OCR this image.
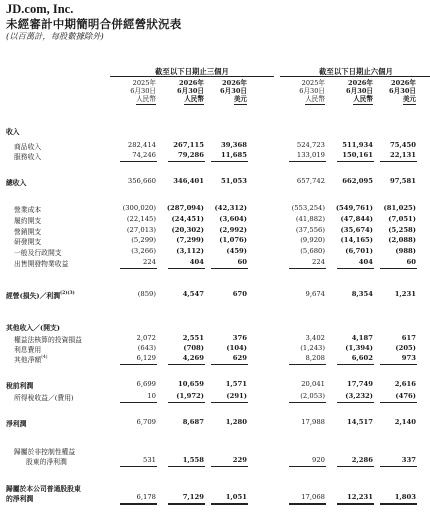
JD.com, Inc.
未經審計中期簡明合併經營狀況表
(以百萬計，每股數據除外)
截至以下日期止三個月	截至以下日期止六個月
2025年
6月30日
人民幣
2026年
6月30日
人民幣
2026年
6月30日
美元
2025年
6月30日
人民幣
2026年
6月30日
人民幣
2026年
6月30日
美元
收入
商品收入	282,414	267,115	39,368	524,723	511,934	75,450
服務收入	74,246	79,286	11,685	133,019	150,161	22,131
總收入	356,660	346,401	51,053	657,742	662,095	97,581
營業成本	(300,020)	(287,094)	(42,312)	(553,254)	(549,761)	(81,025)
履約開支	(22,145)	(24,451)	(3,604)	(41,882)	(47,844)	(7,051)
營銷開支	(27,013)	(20,302)	(2,992)	(37,556)	(35,674)	(5,258)
研發開支	(5,299)	(7,299)	(1,076)	(9,920)	(14,165)	(2,088)
一般及行政開支	(3,266)	(3,112)	(459)	(5,680)	(6,701)	(988)
出售開發物業收益	224	404	60	224	404	60
經營(損失)／利潤$^{(2)(3)}$	(859)	4,547	670	9,674	8,354	1,231
其他收入／(開支)
權益法核算的投資損益	2,072	2,551	376	3,402	4,187	617
利息費用	(643)	(708)	(104)	(1,243)	(1,394)	(205)
其他淨額$^{(4)}$	6,129	4,269	629	8,208	6,602	973
稅前利潤	6,699	10,659	1,571	20,041	17,749	2,616
所得稅收益／(費用)	10	(1,972)	(291)	(2,053)	(3,232)	(476)
淨利潤	6,709	8,687	1,280	17,988	14,517	2,140
歸屬於非控制性權益
股東的淨利潤	531	1,558	229	920	2,286	337
歸屬於本公司普通股股東
的淨利潤	6,178	7,129	1,051	17,068	12,231	1,803
